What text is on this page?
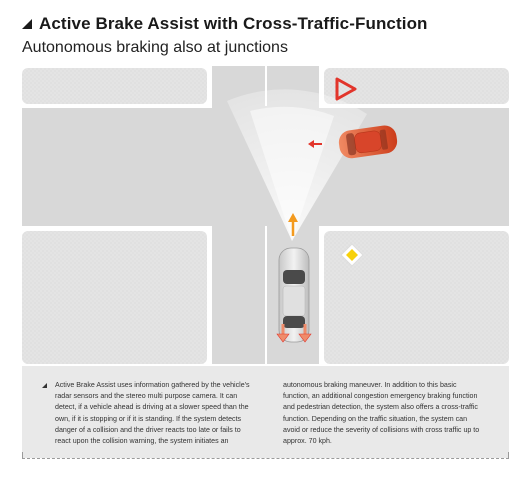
Active Brake Assist with Cross-Traffic-Function
Autonomous braking also at junctions
Active Brake Assist uses information gathered by the vehicle's radar sensors and the stereo multi purpose camera. It can detect, if a vehicle ahead is driving at a slower speed than the own, if it is stopping or if it is standing. If the system detects danger of a collision and the driver reacts too late or fails to react upon the collision warning, the system initiates an
autonomous braking maneuver. In addition to this basic function, an additional congestion emergency braking function and pedestrian detection, the system also offers a cross-traffic function. Depending on the traffic situation, the system can avoid or reduce the severity of collisions with cross traffic up to approx. 70 kph.
